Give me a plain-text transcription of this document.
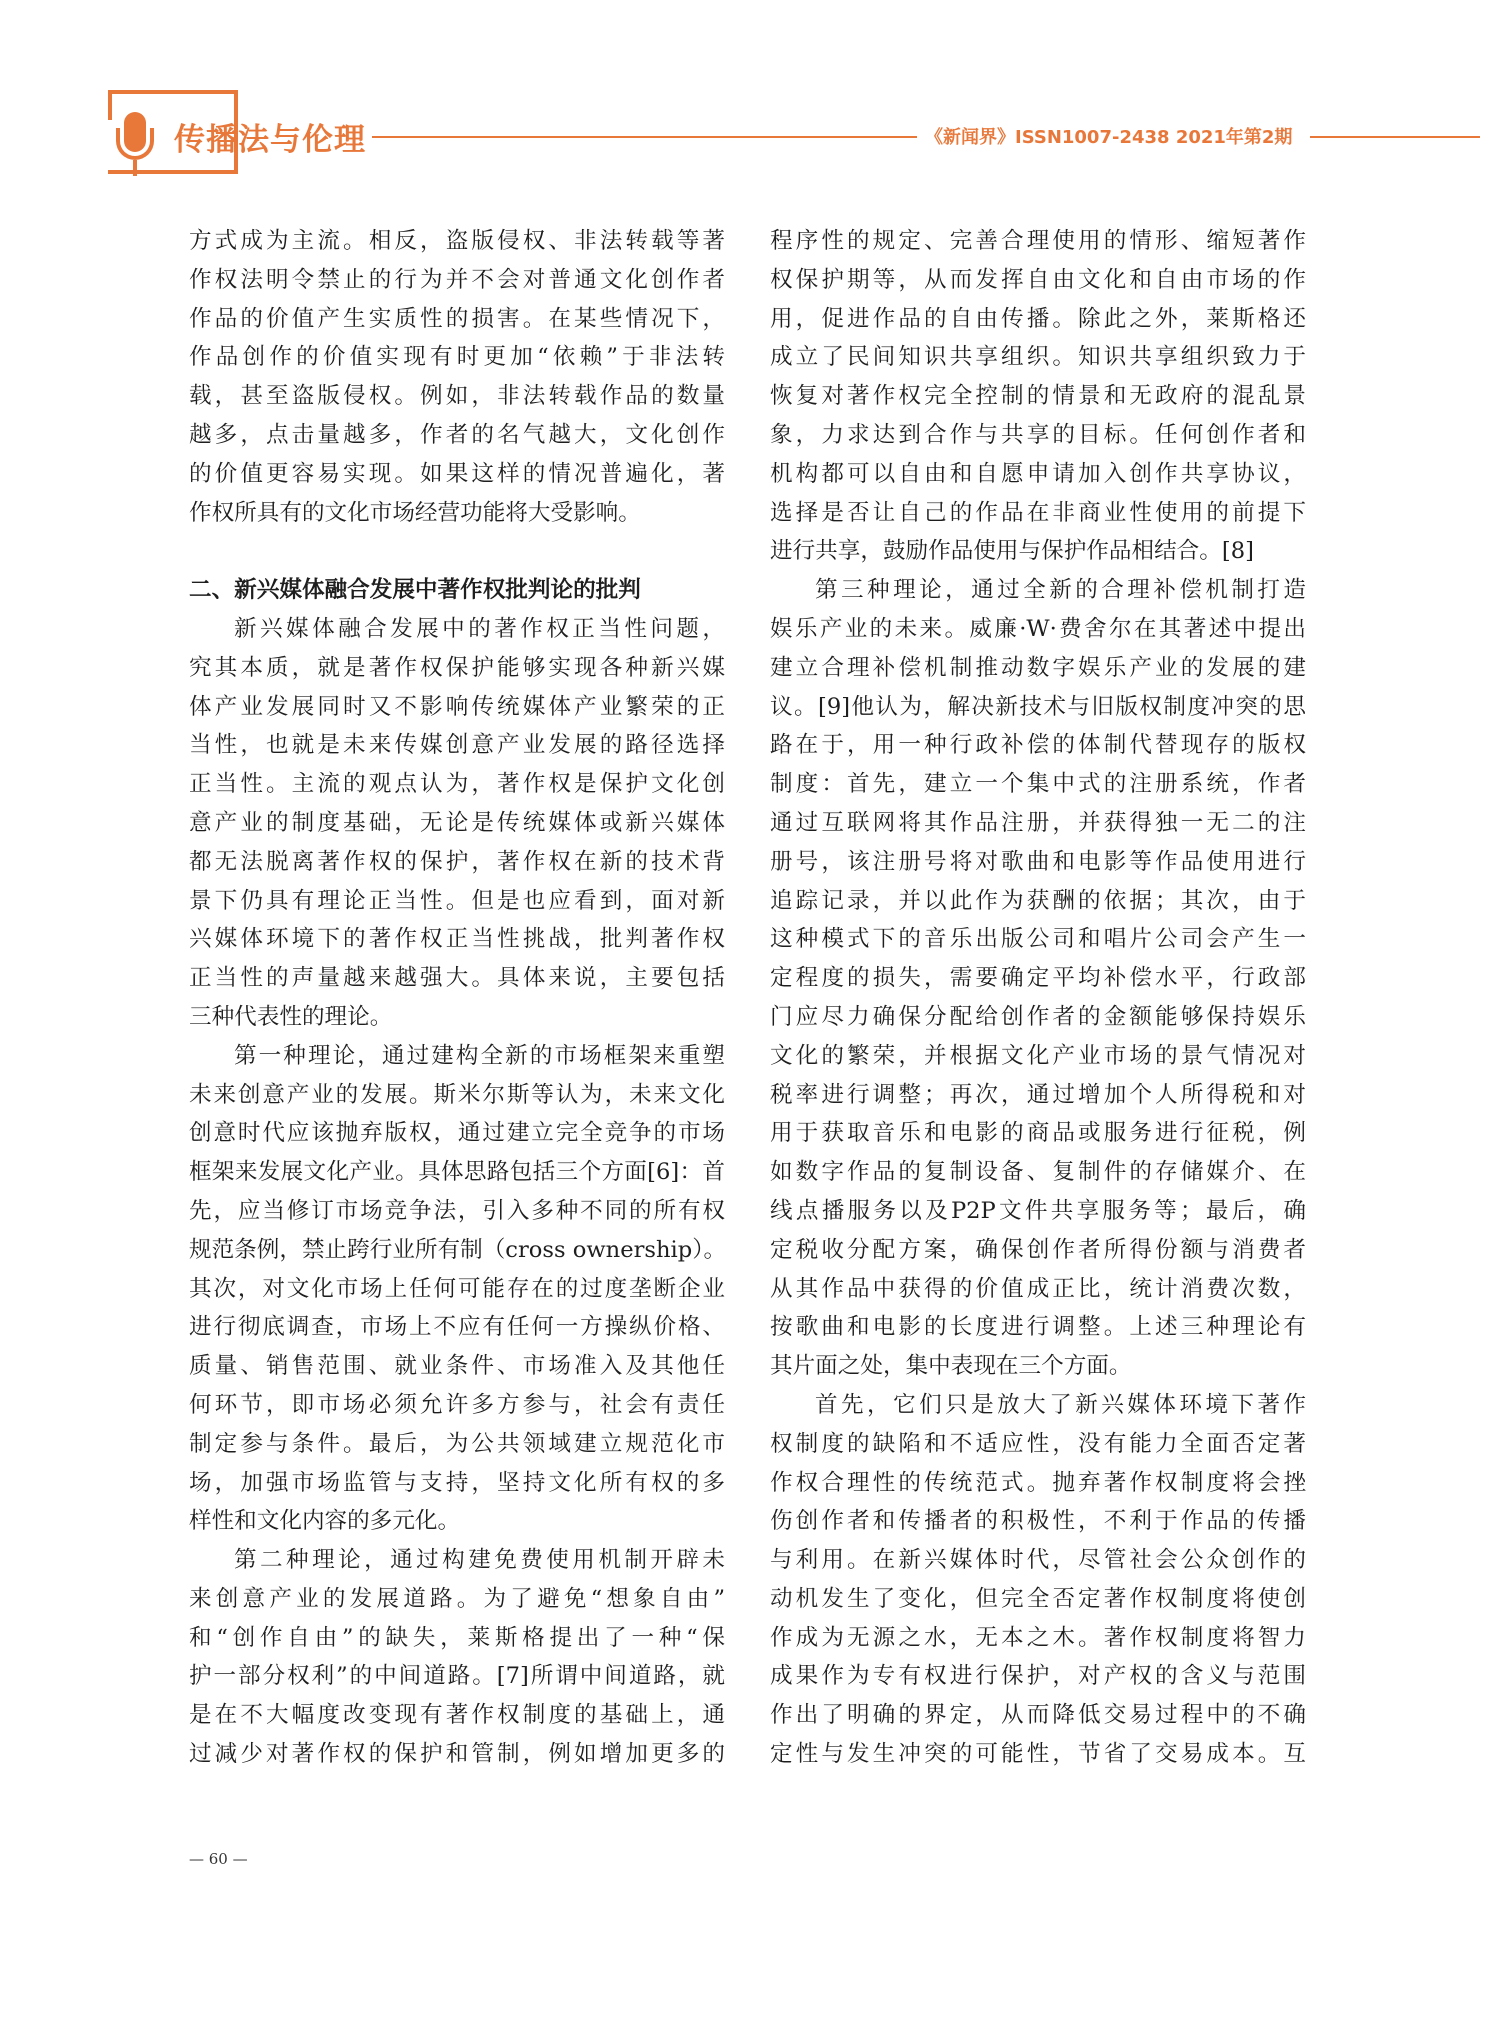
传播法与伦理	《新闻界》ISSN1007-2438 2021年第2期
方式成为主流。相反，盗版侵权、非法转载等著
作权法明令禁止的行为并不会对普通文化创作者
作品的价值产生实质性的损害。在某些情况下，
作品创作的价值实现有时更加“依赖”于非法转
载，甚至盗版侵权。例如，非法转载作品的数量
越多，点击量越多，作者的名气越大，文化创作
的价值更容易实现。如果这样的情况普遍化，著
作权所具有的文化市场经营功能将大受影响。
二、新兴媒体融合发展中著作权批判论的批判
新兴媒体融合发展中的著作权正当性问题，
究其本质，就是著作权保护能够实现各种新兴媒
体产业发展同时又不影响传统媒体产业繁荣的正
当性，也就是未来传媒创意产业发展的路径选择
正当性。主流的观点认为，著作权是保护文化创
意产业的制度基础，无论是传统媒体或新兴媒体
都无法脱离著作权的保护，著作权在新的技术背
景下仍具有理论正当性。但是也应看到，面对新
兴媒体环境下的著作权正当性挑战，批判著作权
正当性的声量越来越强大。具体来说，主要包括
三种代表性的理论。
第一种理论，通过建构全新的市场框架来重塑
未来创意产业的发展。斯米尔斯等认为，未来文化
创意时代应该抛弃版权，通过建立完全竞争的市场
框架来发展文化产业。具体思路包括三个方面[6]：首
先，应当修订市场竞争法，引入多种不同的所有权
规范条例，禁止跨行业所有制（cross ownership）。
其次，对文化市场上任何可能存在的过度垄断企业
进行彻底调查，市场上不应有任何一方操纵价格、
质量、销售范围、就业条件、市场准入及其他任
何环节，即市场必须允许多方参与，社会有责任
制定参与条件。最后，为公共领域建立规范化市
场，加强市场监管与支持，坚持文化所有权的多
样性和文化内容的多元化。
第二种理论，通过构建免费使用机制开辟未
来创意产业的发展道路。为了避免“想象自由”
和“创作自由”的缺失，莱斯格提出了一种“保
护一部分权利”的中间道路。[7]所谓中间道路，就
是在不大幅度改变现有著作权制度的基础上，通
过减少对著作权的保护和管制，例如增加更多的
程序性的规定、完善合理使用的情形、缩短著作
权保护期等，从而发挥自由文化和自由市场的作
用，促进作品的自由传播。除此之外，莱斯格还
成立了民间知识共享组织。知识共享组织致力于
恢复对著作权完全控制的情景和无政府的混乱景
象，力求达到合作与共享的目标。任何创作者和
机构都可以自由和自愿申请加入创作共享协议，
选择是否让自己的作品在非商业性使用的前提下
进行共享，鼓励作品使用与保护作品相结合。[8]
第三种理论，通过全新的合理补偿机制打造
娱乐产业的未来。威廉·W·费舍尔在其著述中提出
建立合理补偿机制推动数字娱乐产业的发展的建
议。[9]他认为，解决新技术与旧版权制度冲突的思
路在于，用一种行政补偿的体制代替现存的版权
制度：首先，建立一个集中式的注册系统，作者
通过互联网将其作品注册，并获得独一无二的注
册号，该注册号将对歌曲和电影等作品使用进行
追踪记录，并以此作为获酬的依据；其次，由于
这种模式下的音乐出版公司和唱片公司会产生一
定程度的损失，需要确定平均补偿水平，行政部
门应尽力确保分配给创作者的金额能够保持娱乐
文化的繁荣，并根据文化产业市场的景气情况对
税率进行调整；再次，通过增加个人所得税和对
用于获取音乐和电影的商品或服务进行征税，例
如数字作品的复制设备、复制件的存储媒介、在
线点播服务以及P2P文件共享服务等；最后，确
定税收分配方案，确保创作者所得份额与消费者
从其作品中获得的价值成正比，统计消费次数，
按歌曲和电影的长度进行调整。上述三种理论有
其片面之处，集中表现在三个方面。
首先，它们只是放大了新兴媒体环境下著作
权制度的缺陷和不适应性，没有能力全面否定著
作权合理性的传统范式。抛弃著作权制度将会挫
伤创作者和传播者的积极性，不利于作品的传播
与利用。在新兴媒体时代，尽管社会公众创作的
动机发生了变化，但完全否定著作权制度将使创
作成为无源之水，无本之木。著作权制度将智力
成果作为专有权进行保护，对产权的含义与范围
作出了明确的界定，从而降低交易过程中的不确
定性与发生冲突的可能性，节省了交易成本。互
— 60 —
